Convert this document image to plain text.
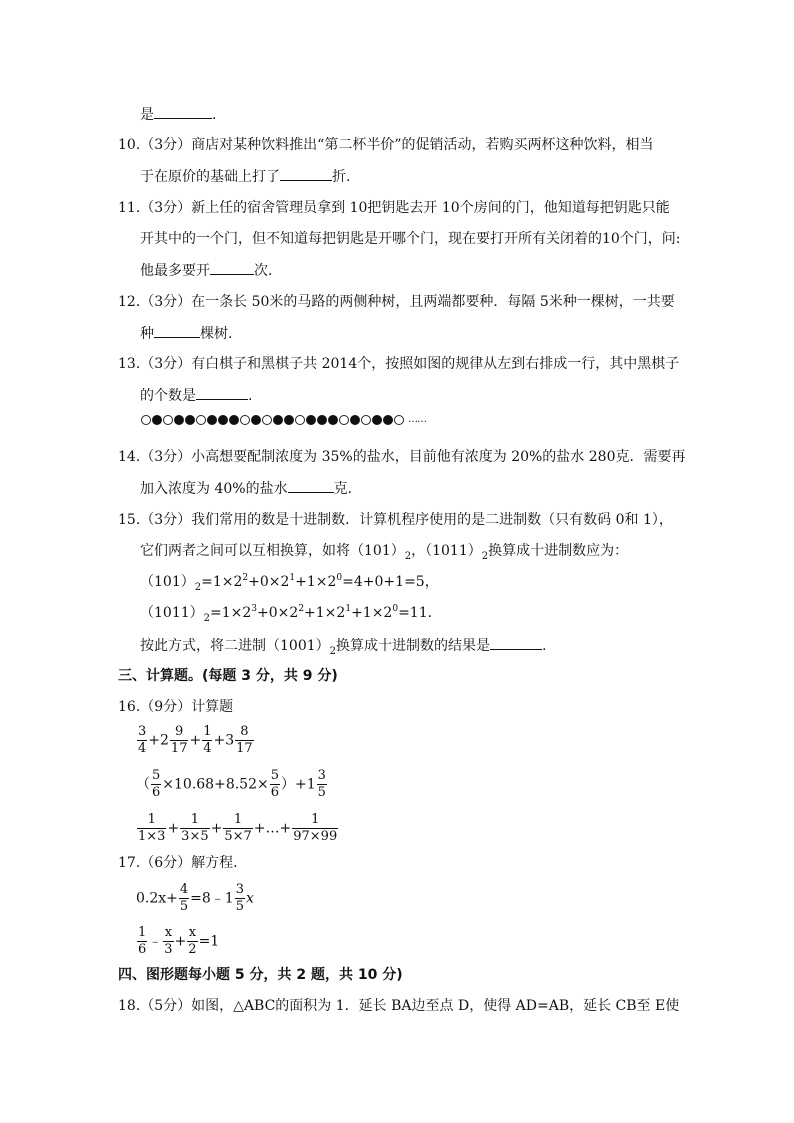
是	.
10.（3分）商店对某种饮料推出“第二杯半价”的促销活动，若购买两杯这种饮料，相当
于在原价的基础上打了	折.
11.（3分）新上任的宿舍管理员拿到 10把钥匙去开 10个房间的门，他知道每把钥匙只能
开其中的一个门，但不知道每把钥匙是开哪个门，现在要打开所有关闭着的10个门，问:
他最多要开	次.
12.（3分）在一条长 50米的马路的两侧种树，且两端都要种．每隔 5米种一棵树，一共要
种	棵树.
13.（3分）有白棋子和黑棋子共 2014个，按照如图的规律从左到右排成一行，其中黑棋子
的个数是	.
……
14.（3分）小高想要配制浓度为 35%的盐水，目前他有浓度为 20%的盐水 280克．需要再
加入浓度为 40%的盐水	克.
15.（3分）我们常用的数是十进制数．计算机程序使用的是二进制数（只有数码 0和 1），
它们两者之间可以互相换算，如将$(101)_2$，$(1011)_2$换算成十进制数应为：
$(101)_2=1\times 2^2+0\times 2^1+1\times 2^0=4+0+1=5$，
$(1011)_2=1\times 2^3+0\times 2^2+1\times 2^1+1\times 2^0=11$.
按此方式，将二进制$(1001)_2$换算成十进制数的结果是	.
三、计算题。(每题 3 分，共 9 分)
16.（9分）计算题
$\frac{3}{4} +2 \frac{9}{17} + \frac{1}{4} +3 \frac{8}{17}$
（ $\frac{5}{6} \times 10.68+8.52\times \frac{5}{6} )+1 \frac{3}{5}$
$\frac{1}{1\times 3} + \frac{1}{3\times 5} + \frac{1}{5\times 7}$ +…+ $\frac{1}{97\times 99}$
17.（6分）解方程.
$0.2x+ \frac{4}{5}$ =8﹣1 $\frac{3}{5}$ x
$\frac{1}{6}$ ﹣ $\frac{x}{3} + \frac{x}{2} =1$
四、图形题每小题 5 分，共 2 题，共 10 分)
18.（5分）如图，△ABC的面积为 1．延长 BA边至点 D，使得 AD=AB，延长 CB至 E使
